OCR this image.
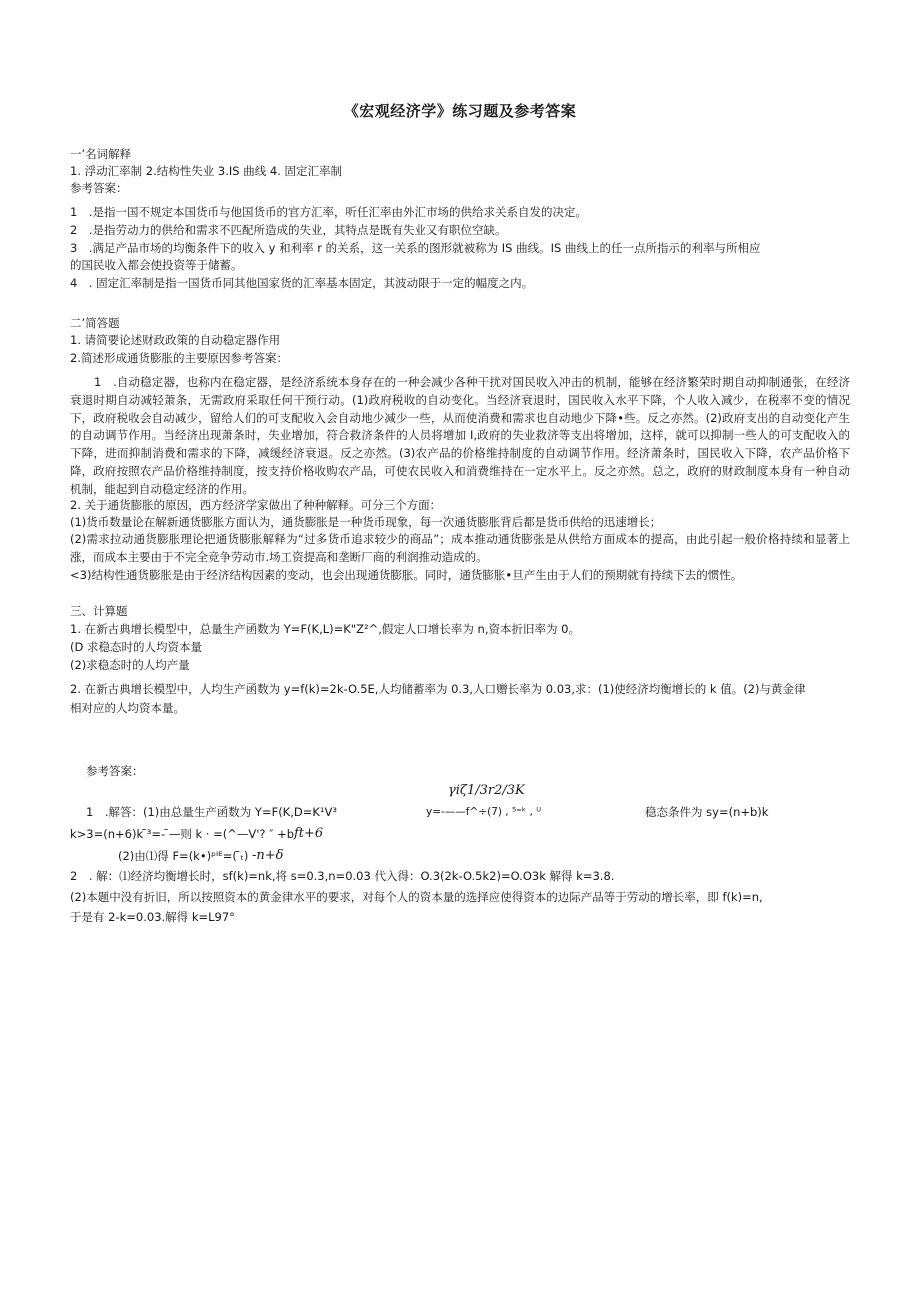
《宏观经济学》练习题及参考答案
一’名词解释
1. 浮动汇率制 2.结构性失业 3.IS 曲线 4. 固定汇率制
参考答案：
1　.是指一国不规定本国货币与他国货币的官方汇率，听任汇率由外汇市场的供给求关系自发的决定。
2　.是指劳动力的供给和需求不匹配所造成的失业，其特点是既有失业又有职位空缺。
3　.满足产品市场的均衡条件下的收入 y 和利率 r 的关系，这一关系的图形就被称为 IS 曲线。IS 曲线上的任一点所指示的利率与所相应
的国民收入都会使投资等于储蓄。
4　. 固定汇率制是指一国货币同其他国家货的汇率基本固定，其波动限于一定的幅度之内。
二’简答题
1. 请简要论述财政政策的自动稳定器作用
2.简述形成通货膨胀的主要原因参考答案：
1　.自动稳定器，也称内在稳定器，是经济系统本身存在的一种会减少各种干扰对国民收入冲击的机制，能够在经济繁荣时期自动抑制通张，在经济衰退时期自动减轻萧条，无需政府采取任何干预行动。(1)政府税收的自动变化。当经济衰退时，国民收入水平下降，个人收入减少，在税率不变的情况下，政府税收会自动减少，留给人们的可支配收入会自动地少减少一些，从而使消费和需求也自动地少下降•些。反之亦然。(2)政府支出的自动变化产生的自动调节作用。当经济出现萧条时，失业增加，符合救济条件的人员将增加 I,政府的失业救济等支出将增加，这样，就可以抑制一些人的可支配收入的下降，进而抑制消费和需求的下降，减缓经济衰退。反之亦然。(3)农产品的价格维持制度的自动调节作用。经济萧条时，国民收入下降，农产品价格下降，政府按照农产品价格维持制度，按支持价格收购农产品，可使农民收入和消费维持在一定水平上。反之亦然。总之，政府的财政制度本身有一种自动机制，能起到自动稳定经济的作用。
2. 关于通货膨胀的原因，西方经济学家做出了种种解释。可分三个方面：
(1)货币数量论在解新通货膨胀方面认为，通货膨胀是一种货币现象，每一次通货膨胀背后都是货币供给的迅速增长；
(2)需求拉动通货膨胀理论把通货膨胀解释为“过多货币追求较少的商品”；成本推动通货膨张是从供给方面成本的提高，由此引起一般价格持续和显著上涨，而成本主要由于不完全竞争劳动市.场工资提高和垄断厂商的利润推动造成的。
<3)结构性通货膨胀是由于经济结构因素的变动，也会出现通货膨胀。同时，通货膨胀•旦产生由于人们的预期就有持续下去的惯性。
三、计算题
1. 在新古典增长模型中，总量生产函数为 Y=F(K,L)=K"Z²^,假定人口增长率为 n,资本折旧率为 0。
(D 求稳态时的人均资本量
(2)求稳态时的人均产量
2. 在新古典增长模型中，人均生产函数为 y=f(k)=2k-O.5E,人均储蓄率为 0.3,人口赠长率为 0.03,求：(1)使经济均衡增长的 k 值。(2)与黄金律
相对应的人均资本量。
参考答案：
γiζ1/3r2/3K
1　.解答：(1)由总量生产函数为 Y=F(K,D=K¹V³	y=-——f^÷(7) , ⁵⁼ᵏ , ᵁ	稳态条件为 sy=(n+b)k
k>3=(n+6)k ̄³=- ̄—则 k · =(^—V'? ″ +b ft+6
(2)由⑴得 F=(k•)ᵖᴵᴱ=( ̄ₜ) -n+δ
2　. 解：⑴经济均衡增长时，sf(k)=nk,将 s=0.3,n=0.03 代入得：O.3(2k-O.5k2)=O.O3k 解得 k=3.8.
(2)本题中没有折旧，所以按照资本的黄金律水平的要求，对每个人的资本量的选择应使得资本的边际产品等于劳动的增长率，即 f(k)=n,
于是有 2-k=0.03.解得 k=L97°
